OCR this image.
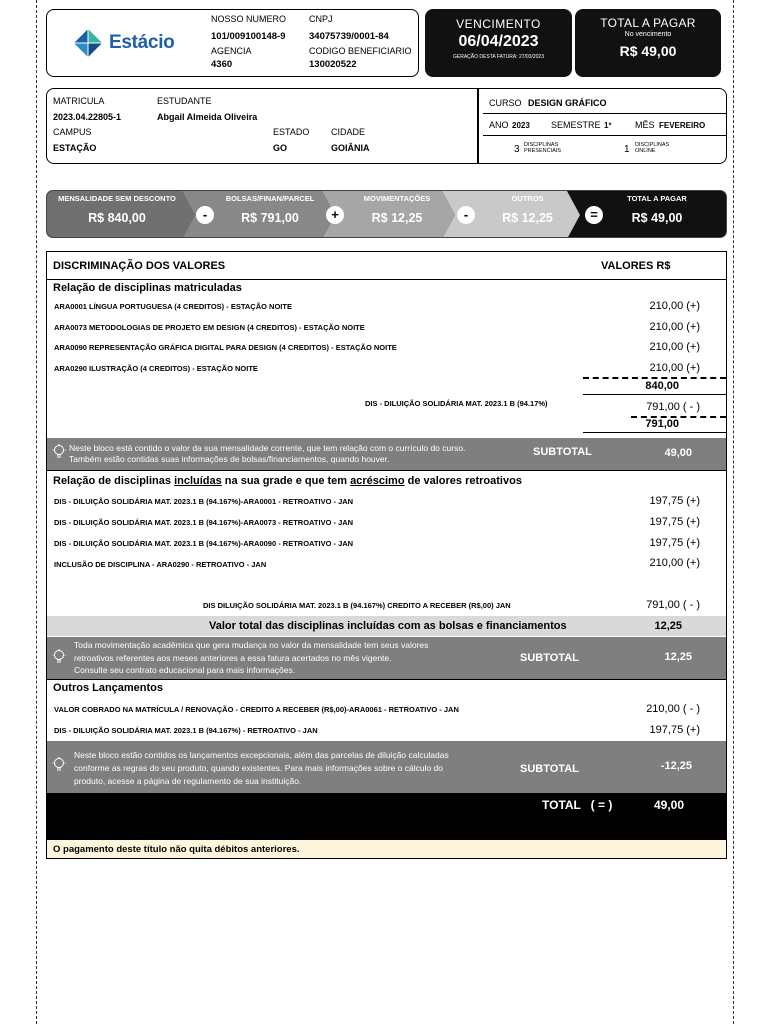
Estácio
NOSSO NUMERO
101/009100148-9
AGENCIA
4360
CNPJ
34075739/0001-84
CODIGO BENEFICIARIO
130020522
VENCIMENTO
06/04/2023
GERAÇÃO DESTA FATURA: 27/03/2023
TOTAL A PAGAR
No vencimento
R$ 49,00
MATRICULA
2023.04.22805-1
ESTUDANTE
Abgail Almeida Oliveira
CAMPUS
ESTAÇÃO
ESTADO
GO
CIDADE
GOIÂNIA
CURSO DESIGN GRÁFICO
ANO 2023 SEMESTRE 1º	MÊS FEVEREIRO
3 DISCIPLINAS
PRESENCIAIS	1 DISCIPLINAS
ONLINE
MENSALIDADE SEM DESCONTO
R$ 840,00	-
BOLSAS/FINAN/PARCEL
R$ 791,00	+
MOVIMENTAÇÕES
R$ 12,25	-
OUTROS
R$ 12,25	=
TOTAL A PAGAR
R$ 49,00
DISCRIMINAÇÃO DOS VALORES	VALORES R$
Relação de disciplinas matriculadas
ARA0001 LÍNGUA PORTUGUESA (4 CREDITOS) - ESTAÇÃO NOITE	210,00 (+)
ARA0073 METODOLOGIAS DE PROJETO EM DESIGN (4 CREDITOS) - ESTAÇÃO NOITE	210,00 (+)
ARA0090 REPRESENTAÇÃO GRÁFICA DIGITAL PARA DESIGN (4 CREDITOS) - ESTAÇÃO NOITE	210,00 (+)
ARA0290 ILUSTRAÇÃO (4 CREDITOS) - ESTAÇÃO NOITE	210,00 (+)
840,00
DIS - DILUIÇÃO SOLIDÁRIA MAT. 2023.1 B (94.17%)	791,00 ( - )
791,00
Neste bloco está contido o valor da sua mensalidade corrente, que tem relação com o currículo do curso.
Também estão contidas suas informações de bolsas/financiamentos, quando houver.
SUBTOTAL	49,00
Relação de disciplinas incluídas na sua grade e que tem acréscimo de valores retroativos
DIS - DILUIÇÃO SOLIDÁRIA MAT. 2023.1 B (94.167%)-ARA0001 - RETROATIVO - JAN	197,75 (+)
DIS - DILUIÇÃO SOLIDÁRIA MAT. 2023.1 B (94.167%)-ARA0073 - RETROATIVO - JAN	197,75 (+)
DIS - DILUIÇÃO SOLIDÁRIA MAT. 2023.1 B (94.167%)-ARA0090 - RETROATIVO - JAN	197,75 (+)
INCLUSÃO DE DISCIPLINA - ARA0290 - RETROATIVO - JAN	210,00 (+)
DIS DILUIÇÃO SOLIDÁRIA MAT. 2023.1 B (94.167%) CREDITO A RECEBER (R$,00) JAN	791,00 ( - )
Valor total das disciplinas incluídas com as bolsas e financiamentos	12,25
Toda movimentação acadêmica que gera mudança no valor da mensalidade tem seus valores
retroativos referentes aos meses anteriores a essa fatura acertados no mês vigente.
Consulte seu contrato educacional para mais informações.
SUBTOTAL	12,25
Outros Lançamentos
VALOR COBRADO NA MATRÍCULA / RENOVAÇÃO - CREDITO A RECEBER (R$,00)-ARA0061 - RETROATIVO - JAN	210,00 ( - )
DIS - DILUIÇÃO SOLIDÁRIA MAT. 2023.1 B (94.167%) - RETROATIVO - JAN	197,75 (+)
Neste bloco estão contidos os lançamentos excepcionais, além das parcelas de diluição calculadas
conforme as regras do seu produto, quando existentes. Para mais informações sobre o cálculo do
produto, acesse a página de regulamento de sua instituição.
SUBTOTAL	-12,25
TOTAL   ( = )	49,00
O pagamento deste título não quita débitos anteriores.
